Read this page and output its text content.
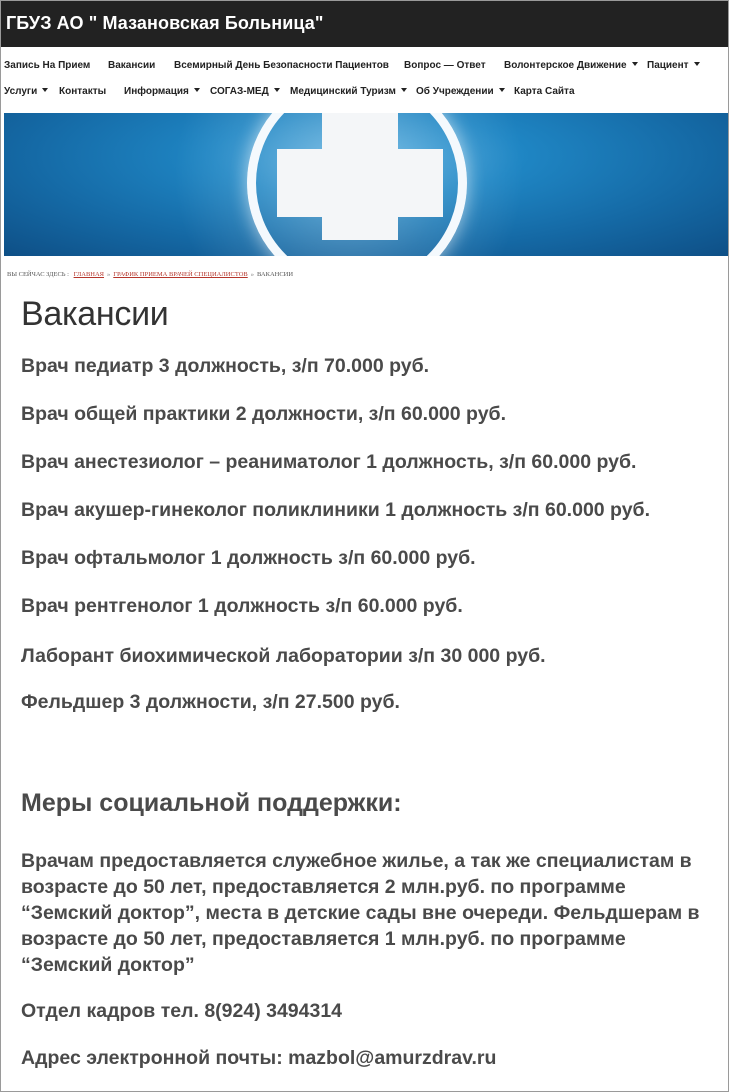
ГБУЗ АО " Мазановская Больница"
Запись На Прием Вакансии Всемирный День Безопасности Пациентов Вопрос — Ответ Волонтерское Движение	Пациент
Услуги	Контакты Информация	СОГАЗ-МЕД	Медицинский Туризм	Об Учреждении	Карта Сайта
ВЫ СЕЙЧАС ЗДЕСЬ : ГЛАВНАЯ » ГРАФИК ПРИЕМА ВРАЧЕЙ СПЕЦИАЛИСТОВ » ВАКАНСИИ
Вакансии
Врач педиатр 3 должность, з/п 70.000 руб.
Врач общей практики 2 должности, з/п 60.000 руб.
Врач анестезиолог – реаниматолог 1 должность, з/п 60.000 руб.
Врач акушер-гинеколог поликлиники 1 должность з/п 60.000 руб.
Врач офтальмолог 1 должность з/п 60.000 руб.
Врач рентгенолог 1 должность з/п 60.000 руб.
Лаборант биохимической лаборатории з/п 30 000 руб.
Фельдшер 3 должности, з/п 27.500 руб.
Меры социальной поддержки:
Врачам предоставляется служебное жилье, а так же специалистам в возрасте до 50 лет, предоставляется 2 млн.руб. по программе “Земский доктор”, места в детские сады вне очереди. Фельдшерам в возрасте до 50 лет, предоставляется 1 млн.руб. по программе “Земский доктор”
Отдел кадров тел. 8(924) 3494314
Адрес электронной почты: mazbol@amurzdrav.ru
